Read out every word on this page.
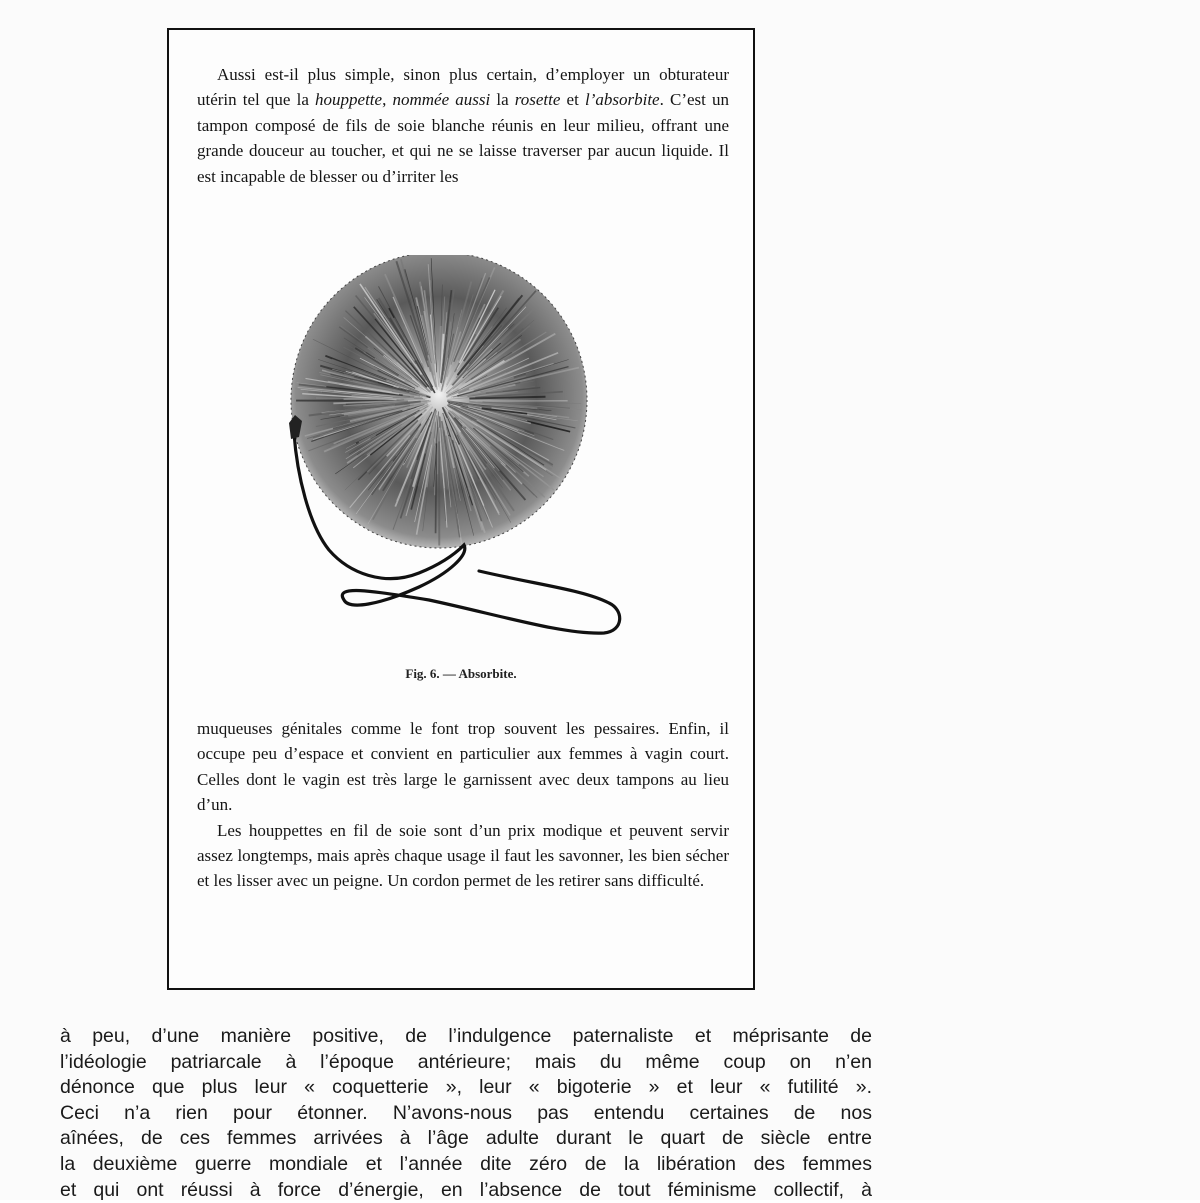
Aussi est-il plus simple, sinon plus certain, d’employer un obturateur utérin tel que la houppette, nommée aussi la rosette et l’absorbite. C’est un tampon composé de fils de soie blanche réunis en leur milieu, offrant une grande douceur au toucher, et qui ne se laisse traverser par aucun liquide. Il est incapable de blesser ou d’irriter les

Fig. 6. — Absorbite.

muqueuses génitales comme le font trop souvent les pessaires. Enfin, il occupe peu d’espace et convient en particulier aux femmes à vagin court. Celles dont le vagin est très large le garnissent avec deux tampons au lieu d’un.

Les houppettes en fil de soie sont d’un prix modique et peuvent servir assez longtemps, mais après chaque usage il faut les savonner, les bien sécher et les lisser avec un peigne. Un cordon permet de les retirer sans difficulté.

à peu, d’une manière positive, de l’indulgence paternaliste et méprisante de
l’idéologie patriarcale à l’époque antérieure; mais du même coup on n’en
dénonce que plus leur « coquetterie », leur « bigoterie » et leur « futilité ».
Ceci n’a rien pour étonner. N’avons-nous pas entendu certaines de nos
aînées, de ces femmes arrivées à l’âge adulte durant le quart de siècle entre
la deuxième guerre mondiale et l’année dite zéro de la libération des femmes
et qui ont réussi à force d’énergie, en l’absence de tout féminisme collectif, à
